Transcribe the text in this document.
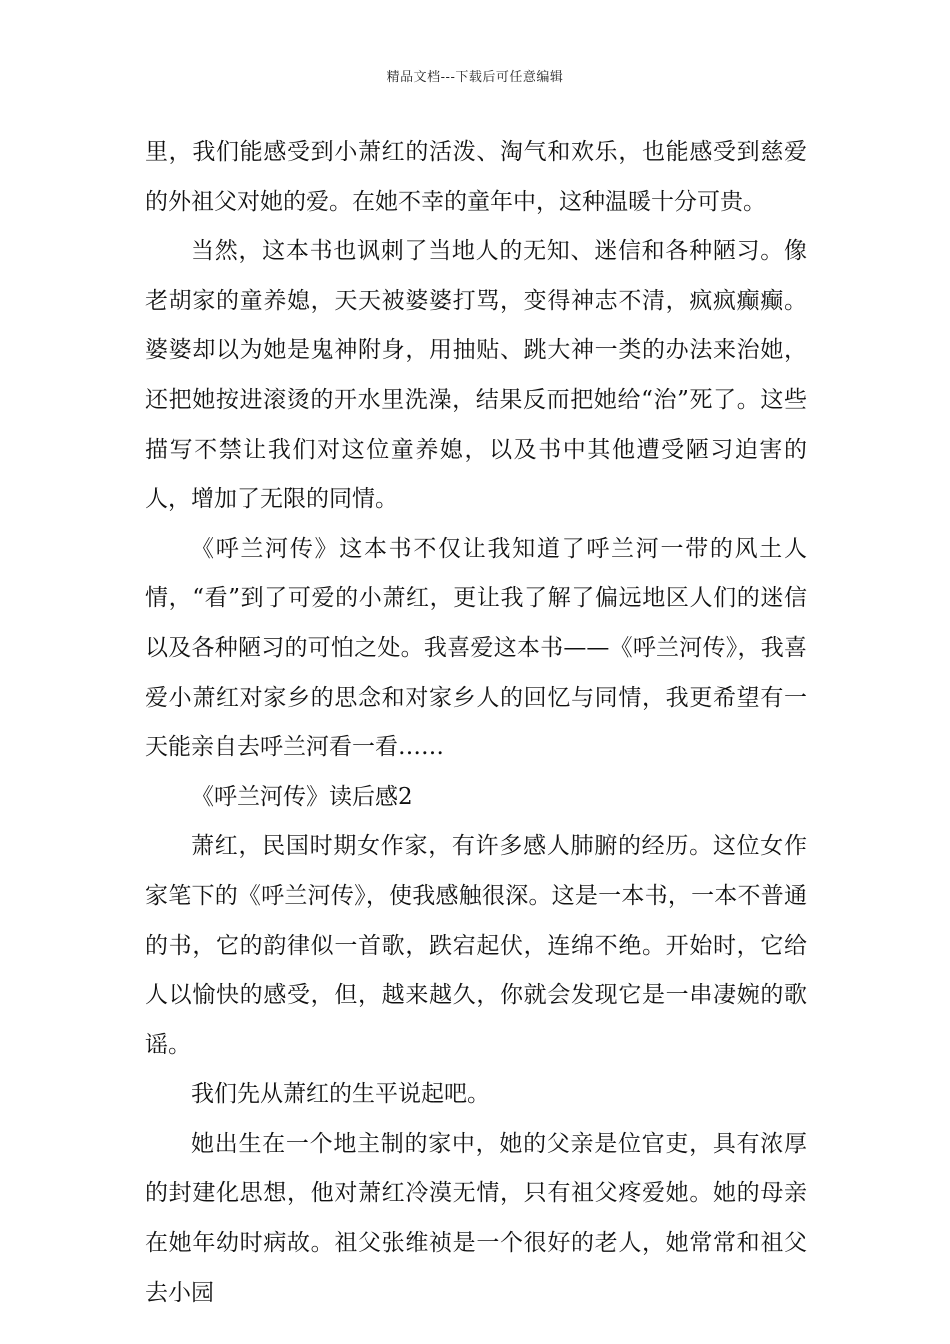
精品文档---下载后可任意编辑

里，我们能感受到小萧红的活泼、淘气和欢乐，也能感受到慈爱的外祖父对她的爱。在她不幸的童年中，这种温暖十分可贵。

当然，这本书也讽刺了当地人的无知、迷信和各种陋习。像老胡家的童养媳，天天被婆婆打骂，变得神志不清，疯疯癫癫。婆婆却以为她是鬼神附身，用抽贴、跳大神一类的办法来治她，还把她按进滚烫的开水里洗澡，结果反而把她给“治”死了。这些描写不禁让我们对这位童养媳，以及书中其他遭受陋习迫害的人，增加了无限的同情。

《呼兰河传》这本书不仅让我知道了呼兰河一带的风土人情，“看”到了可爱的小萧红，更让我了解了偏远地区人们的迷信以及各种陋习的可怕之处。我喜爱这本书——《呼兰河传》，我喜爱小萧红对家乡的思念和对家乡人的回忆与同情，我更希望有一天能亲自去呼兰河看一看……

《呼兰河传》读后感2

萧红，民国时期女作家，有许多感人肺腑的经历。这位女作家笔下的《呼兰河传》，使我感触很深。这是一本书，一本不普通的书，它的韵律似一首歌，跌宕起伏，连绵不绝。开始时，它给人以愉快的感受，但，越来越久，你就会发现它是一串凄婉的歌谣。

我们先从萧红的生平说起吧。

她出生在一个地主制的家中，她的父亲是位官吏，具有浓厚的封建化思想，他对萧红冷漠无情，只有祖父疼爱她。她的母亲在她年幼时病故。祖父张维祯是一个很好的老人，她常常和祖父去小园
